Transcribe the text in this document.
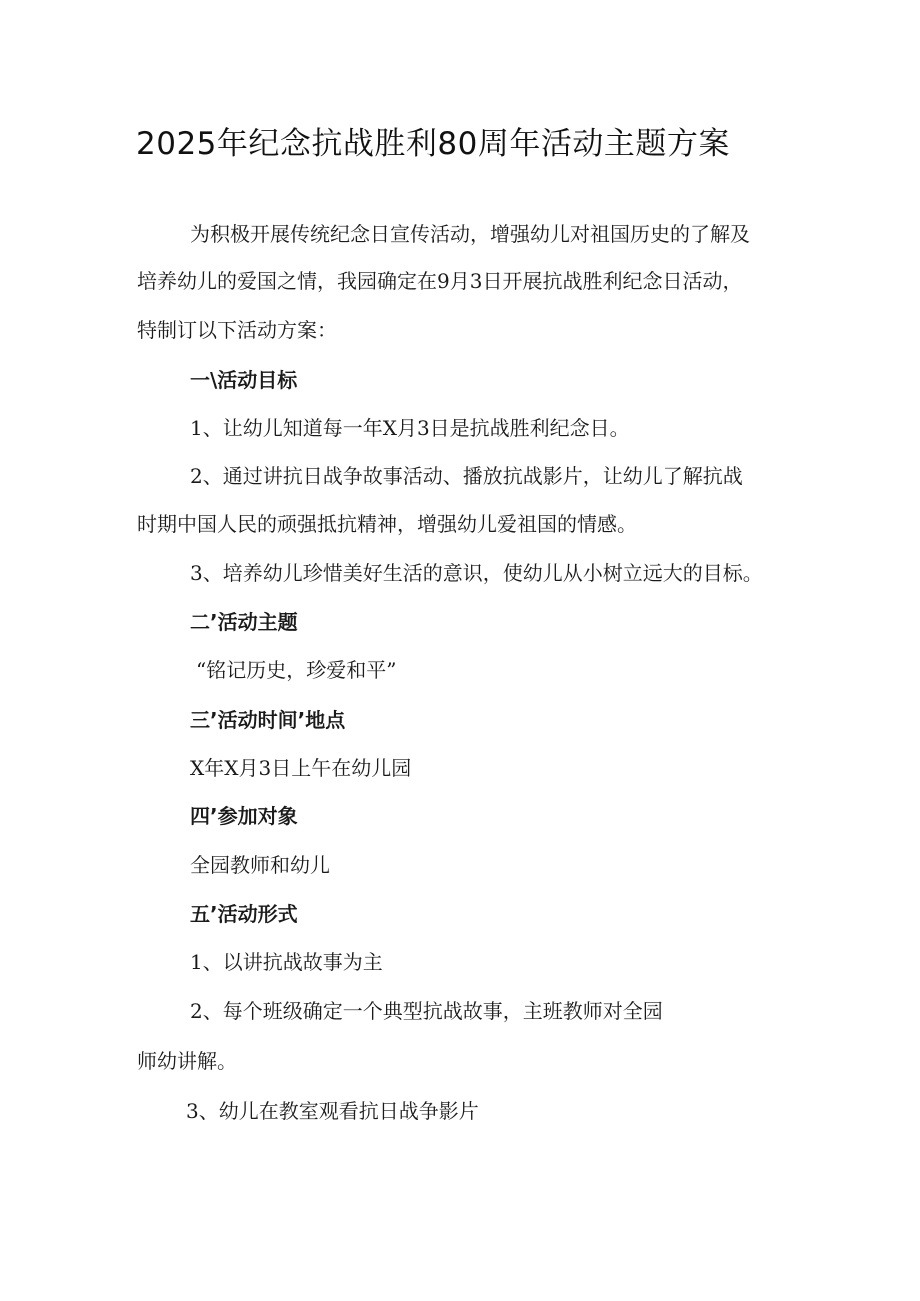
2025年纪念抗战胜利80周年活动主题方案

为积极开展传统纪念日宣传活动，增强幼儿对祖国历史的了解及

培养幼儿的爱国之情，我园确定在9月3日开展抗战胜利纪念日活动，

特制订以下活动方案：

一\活动目标

1、让幼儿知道每一年X月3日是抗战胜利纪念日。

2、通过讲抗日战争故事活动、播放抗战影片，让幼儿了解抗战

时期中国人民的顽强抵抗精神，增强幼儿爱祖国的情感。

3、培养幼儿珍惜美好生活的意识，使幼儿从小树立远大的目标。

二’活动主题

“铭记历史，珍爱和平”

三’活动时间’地点

X年X月3日上午在幼儿园

四’参加对象

全园教师和幼儿

五’活动形式

1、以讲抗战故事为主

2、每个班级确定一个典型抗战故事，主班教师对全园

师幼讲解。

3、幼儿在教室观看抗日战争影片
